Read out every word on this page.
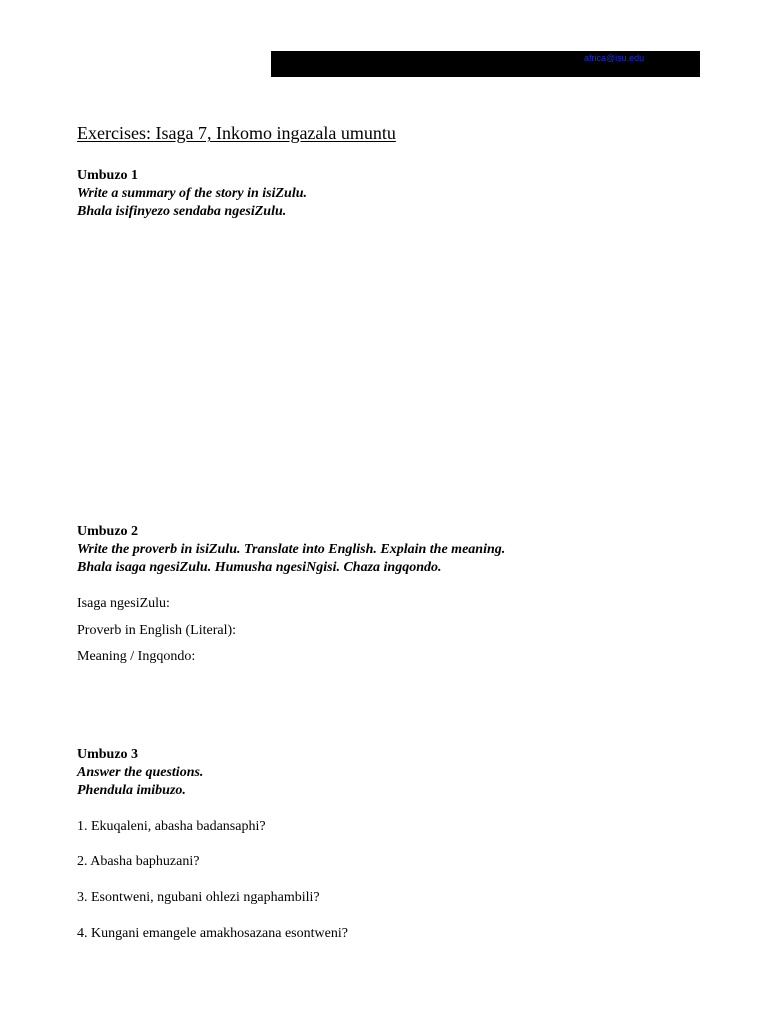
africa@isu.edu
Exercises: Isaga 7, Inkomo ingazala umuntu

Umbuzo 1

Write a summary of the story in isiZulu.

Bhala isifinyezo sendaba ngesiZulu.

Umbuzo 2

Write the proverb in isiZulu. Translate into English. Explain the meaning.

Bhala isaga ngesiZulu. Humusha ngesiNgisi. Chaza ingqondo.

Isaga ngesiZulu:

Proverb in English (Literal):

Meaning / Ingqondo:

Umbuzo 3

Answer the questions.

Phendula imibuzo.

1. Ekuqaleni, abasha badansaphi?

2. Abasha baphuzani?

3. Esontweni, ngubani ohlezi ngaphambili?

4. Kungani emangele amakhosazana esontweni?
